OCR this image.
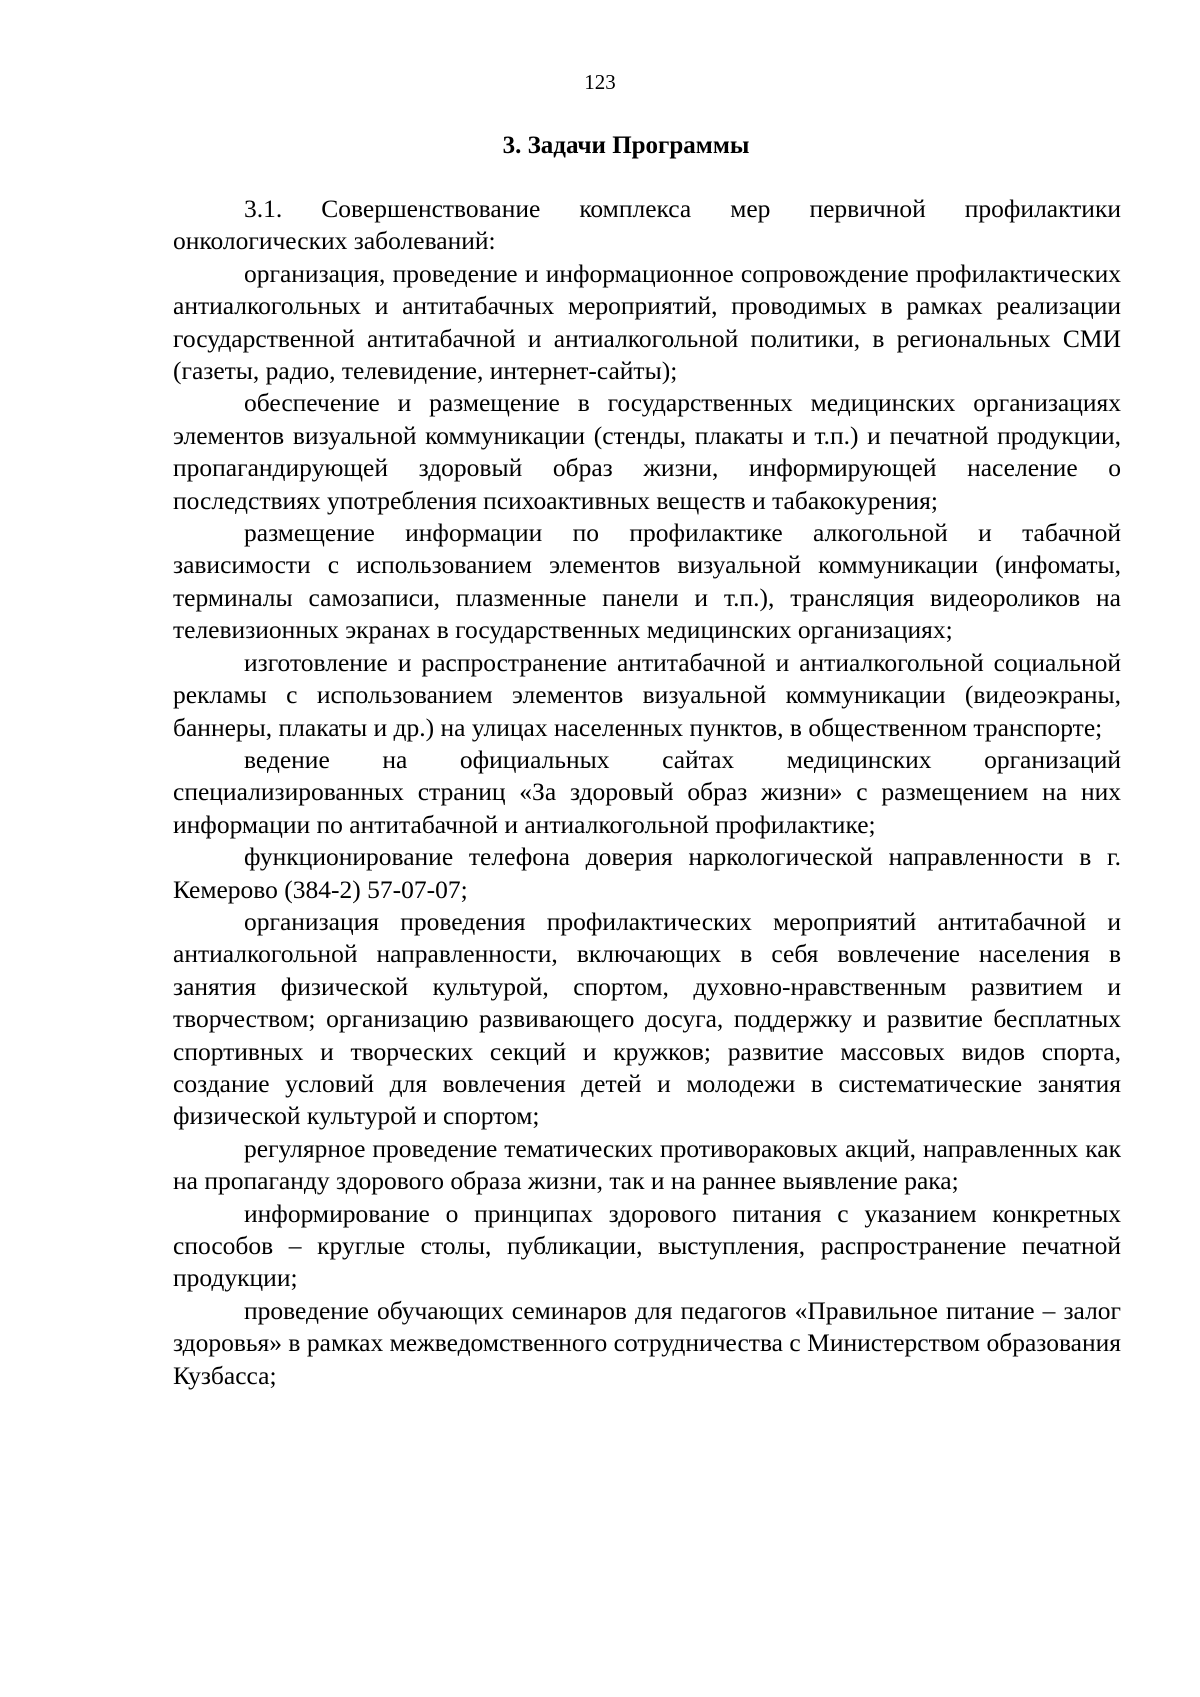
123
3. Задачи Программы

3.1. Совершенствование комплекса мер первичной профилактики онкологических заболеваний:

организация, проведение и информационное сопровождение профилактических антиалкогольных и антитабачных мероприятий, проводимых в рамках реализации государственной антитабачной и антиалкогольной политики, в региональных СМИ (газеты, радио, телевидение, интернет-сайты);

обеспечение и размещение в государственных медицинских организациях элементов визуальной коммуникации (стенды, плакаты и т.п.) и печатной продукции, пропагандирующей здоровый образ жизни, информирующей население о последствиях употребления психоактивных веществ и табакокурения;

размещение информации по профилактике алкогольной и табачной зависимости с использованием элементов визуальной коммуникации (инфоматы, терминалы самозаписи, плазменные панели и т.п.), трансляция видеороликов на телевизионных экранах в государственных медицинских организациях;

изготовление и распространение антитабачной и антиалкогольной социальной рекламы с использованием элементов визуальной коммуникации (видеоэкраны, баннеры, плакаты и др.) на улицах населенных пунктов, в общественном транспорте;

ведение на официальных сайтах медицинских организаций специализированных страниц «За здоровый образ жизни» с размещением на них информации по антитабачной и антиалкогольной профилактике;

функционирование телефона доверия наркологической направленности в г. Кемерово (384-2) 57-07-07;

организация проведения профилактических мероприятий антитабачной и антиалкогольной направленности, включающих в себя вовлечение населения в занятия физической культурой, спортом, духовно-нравственным развитием и творчеством; организацию развивающего досуга, поддержку и развитие бесплатных спортивных и творческих секций и кружков; развитие массовых видов спорта, создание условий для вовлечения детей и молодежи в систематические занятия физической культурой и спортом;

регулярное проведение тематических противораковых акций, направленных как на пропаганду здорового образа жизни, так и на раннее выявление рака;

информирование о принципах здорового питания с указанием конкретных способов – круглые столы, публикации, выступления, распространение печатной продукции;

проведение обучающих семинаров для педагогов «Правильное питание – залог здоровья» в рамках межведомственного сотрудничества с Министерством образования Кузбасса;
